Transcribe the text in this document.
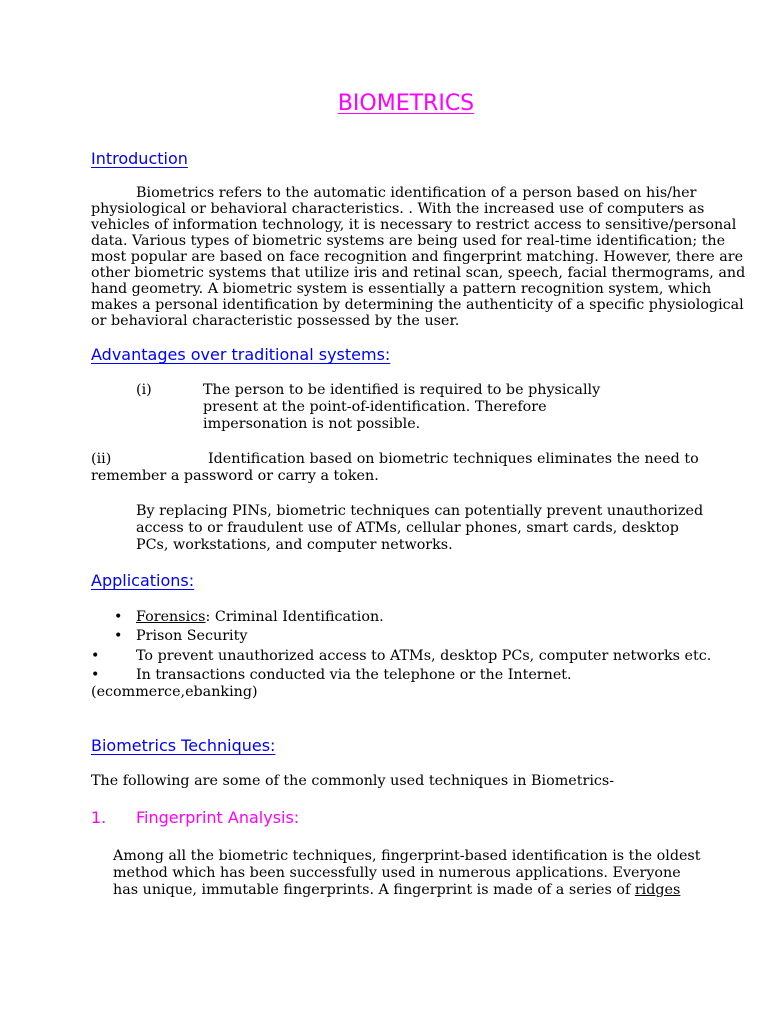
BIOMETRICS
Introduction
Biometrics refers to the automatic identification of a person based on his/her
physiological or behavioral characteristics. . With the increased use of computers as
vehicles of information technology, it is necessary to restrict access to sensitive/personal
data. Various types of biometric systems are being used for real-time identification; the
most popular are based on face recognition and fingerprint matching. However, there are
other biometric systems that utilize iris and retinal scan, speech, facial thermograms, and
hand geometry. A biometric system is essentially a pattern recognition system, which
makes a personal identification by determining the authenticity of a specific physiological
or behavioral characteristic possessed by the user.
Advantages over traditional systems:
(i)	The person to be identified is required to be physically
present at the point-of-identification. Therefore
impersonation is not possible.
(ii)	Identification based on biometric techniques eliminates the need to
remember a password or carry a token.
By replacing PINs, biometric techniques can potentially prevent unauthorized
access to or fraudulent use of ATMs, cellular phones, smart cards, desktop
PCs, workstations, and computer networks.
Applications:
• Forensics: Criminal Identification.
• Prison Security
•	To prevent unauthorized access to ATMs, desktop PCs, computer networks etc.
•	In transactions conducted via the telephone or the Internet.
(ecommerce,ebanking)
Biometrics Techniques:
The following are some of the commonly used techniques in Biometrics-
1. Fingerprint Analysis:
Among all the biometric techniques, fingerprint-based identification is the oldest
method which has been successfully used in numerous applications. Everyone
has unique, immutable fingerprints. A fingerprint is made of a series of ridges
